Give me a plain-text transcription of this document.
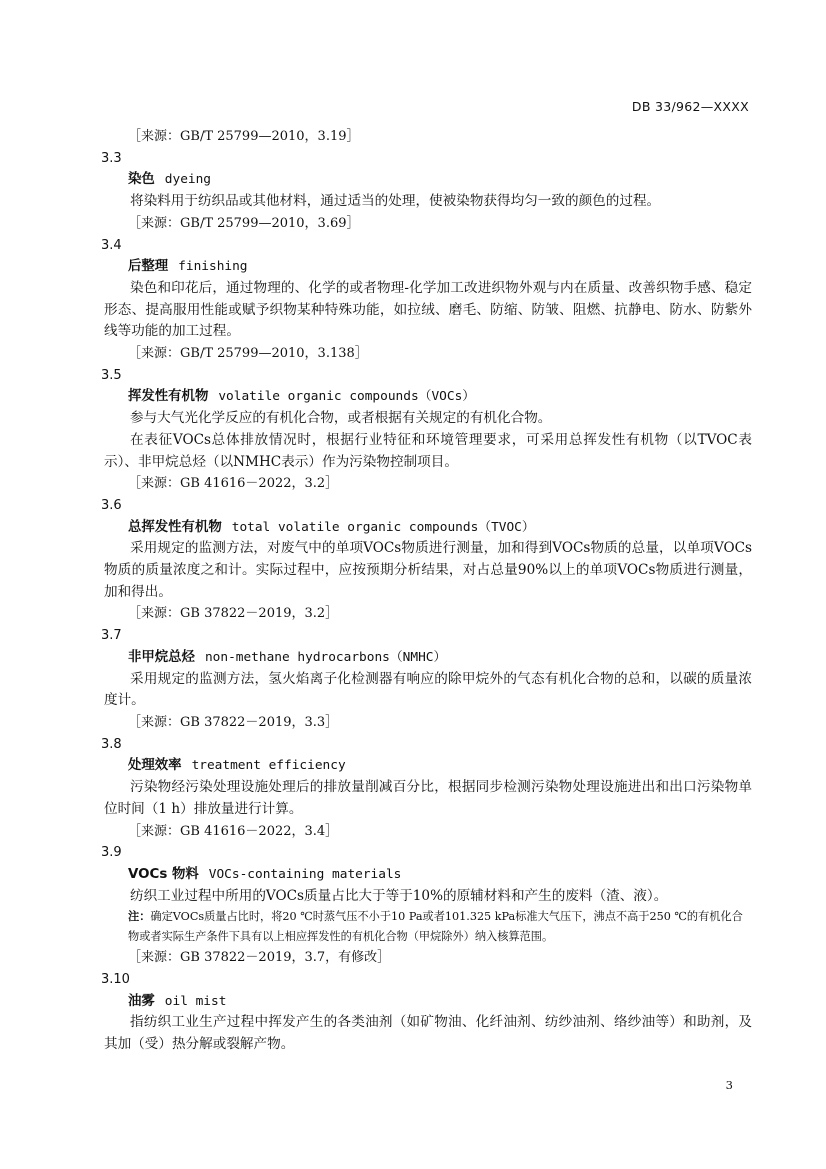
DB 33/962—XXXX
［来源：GB/T 25799—2010，3.19］
3.3
染色 dyeing
将染料用于纺织品或其他材料，通过适当的处理，使被染物获得均匀一致的颜色的过程。
［来源：GB/T 25799—2010，3.69］
3.4
后整理 finishing
染色和印花后，通过物理的、化学的或者物理-化学加工改进织物外观与内在质量、改善织物手感、稳定形态、提高服用性能或赋予织物某种特殊功能，如拉绒、磨毛、防缩、防皱、阻燃、抗静电、防水、防紫外线等功能的加工过程。
［来源：GB/T 25799—2010，3.138］
3.5
挥发性有机物 volatile organic compounds（VOCs）
参与大气光化学反应的有机化合物，或者根据有关规定的有机化合物。
在表征VOCs总体排放情况时，根据行业特征和环境管理要求，可采用总挥发性有机物（以TVOC表示）、非甲烷总烃（以NMHC表示）作为污染物控制项目。
［来源：GB 41616－2022，3.2］
3.6
总挥发性有机物 total volatile organic compounds（TVOC）
采用规定的监测方法，对废气中的单项VOCs物质进行测量，加和得到VOCs物质的总量，以单项VOCs物质的质量浓度之和计。实际过程中，应按预期分析结果，对占总量90%以上的单项VOCs物质进行测量，加和得出。
［来源：GB 37822－2019，3.2］
3.7
非甲烷总烃 non-methane hydrocarbons（NMHC）
采用规定的监测方法，氢火焰离子化检测器有响应的除甲烷外的气态有机化合物的总和，以碳的质量浓度计。
［来源：GB 37822－2019，3.3］
3.8
处理效率 treatment efficiency
污染物经污染处理设施处理后的排放量削减百分比，根据同步检测污染物处理设施进出和出口污染物单位时间（1 h）排放量进行计算。
［来源：GB 41616－2022，3.4］
3.9
VOCs 物料 VOCs-containing materials
纺织工业过程中所用的VOCs质量占比大于等于10%的原辅材料和产生的废料（渣、液）。
注：确定VOCs质量占比时，将20 ℃时蒸气压不小于10 Pa或者101.325 kPa标准大气压下，沸点不高于250 ℃的有机化合物或者实际生产条件下具有以上相应挥发性的有机化合物（甲烷除外）纳入核算范围。
［来源：GB 37822－2019，3.7，有修改］
3.10
油雾 oil mist
指纺织工业生产过程中挥发产生的各类油剂（如矿物油、化纤油剂、纺纱油剂、络纱油等）和助剂，及其加（受）热分解或裂解产物。
3
